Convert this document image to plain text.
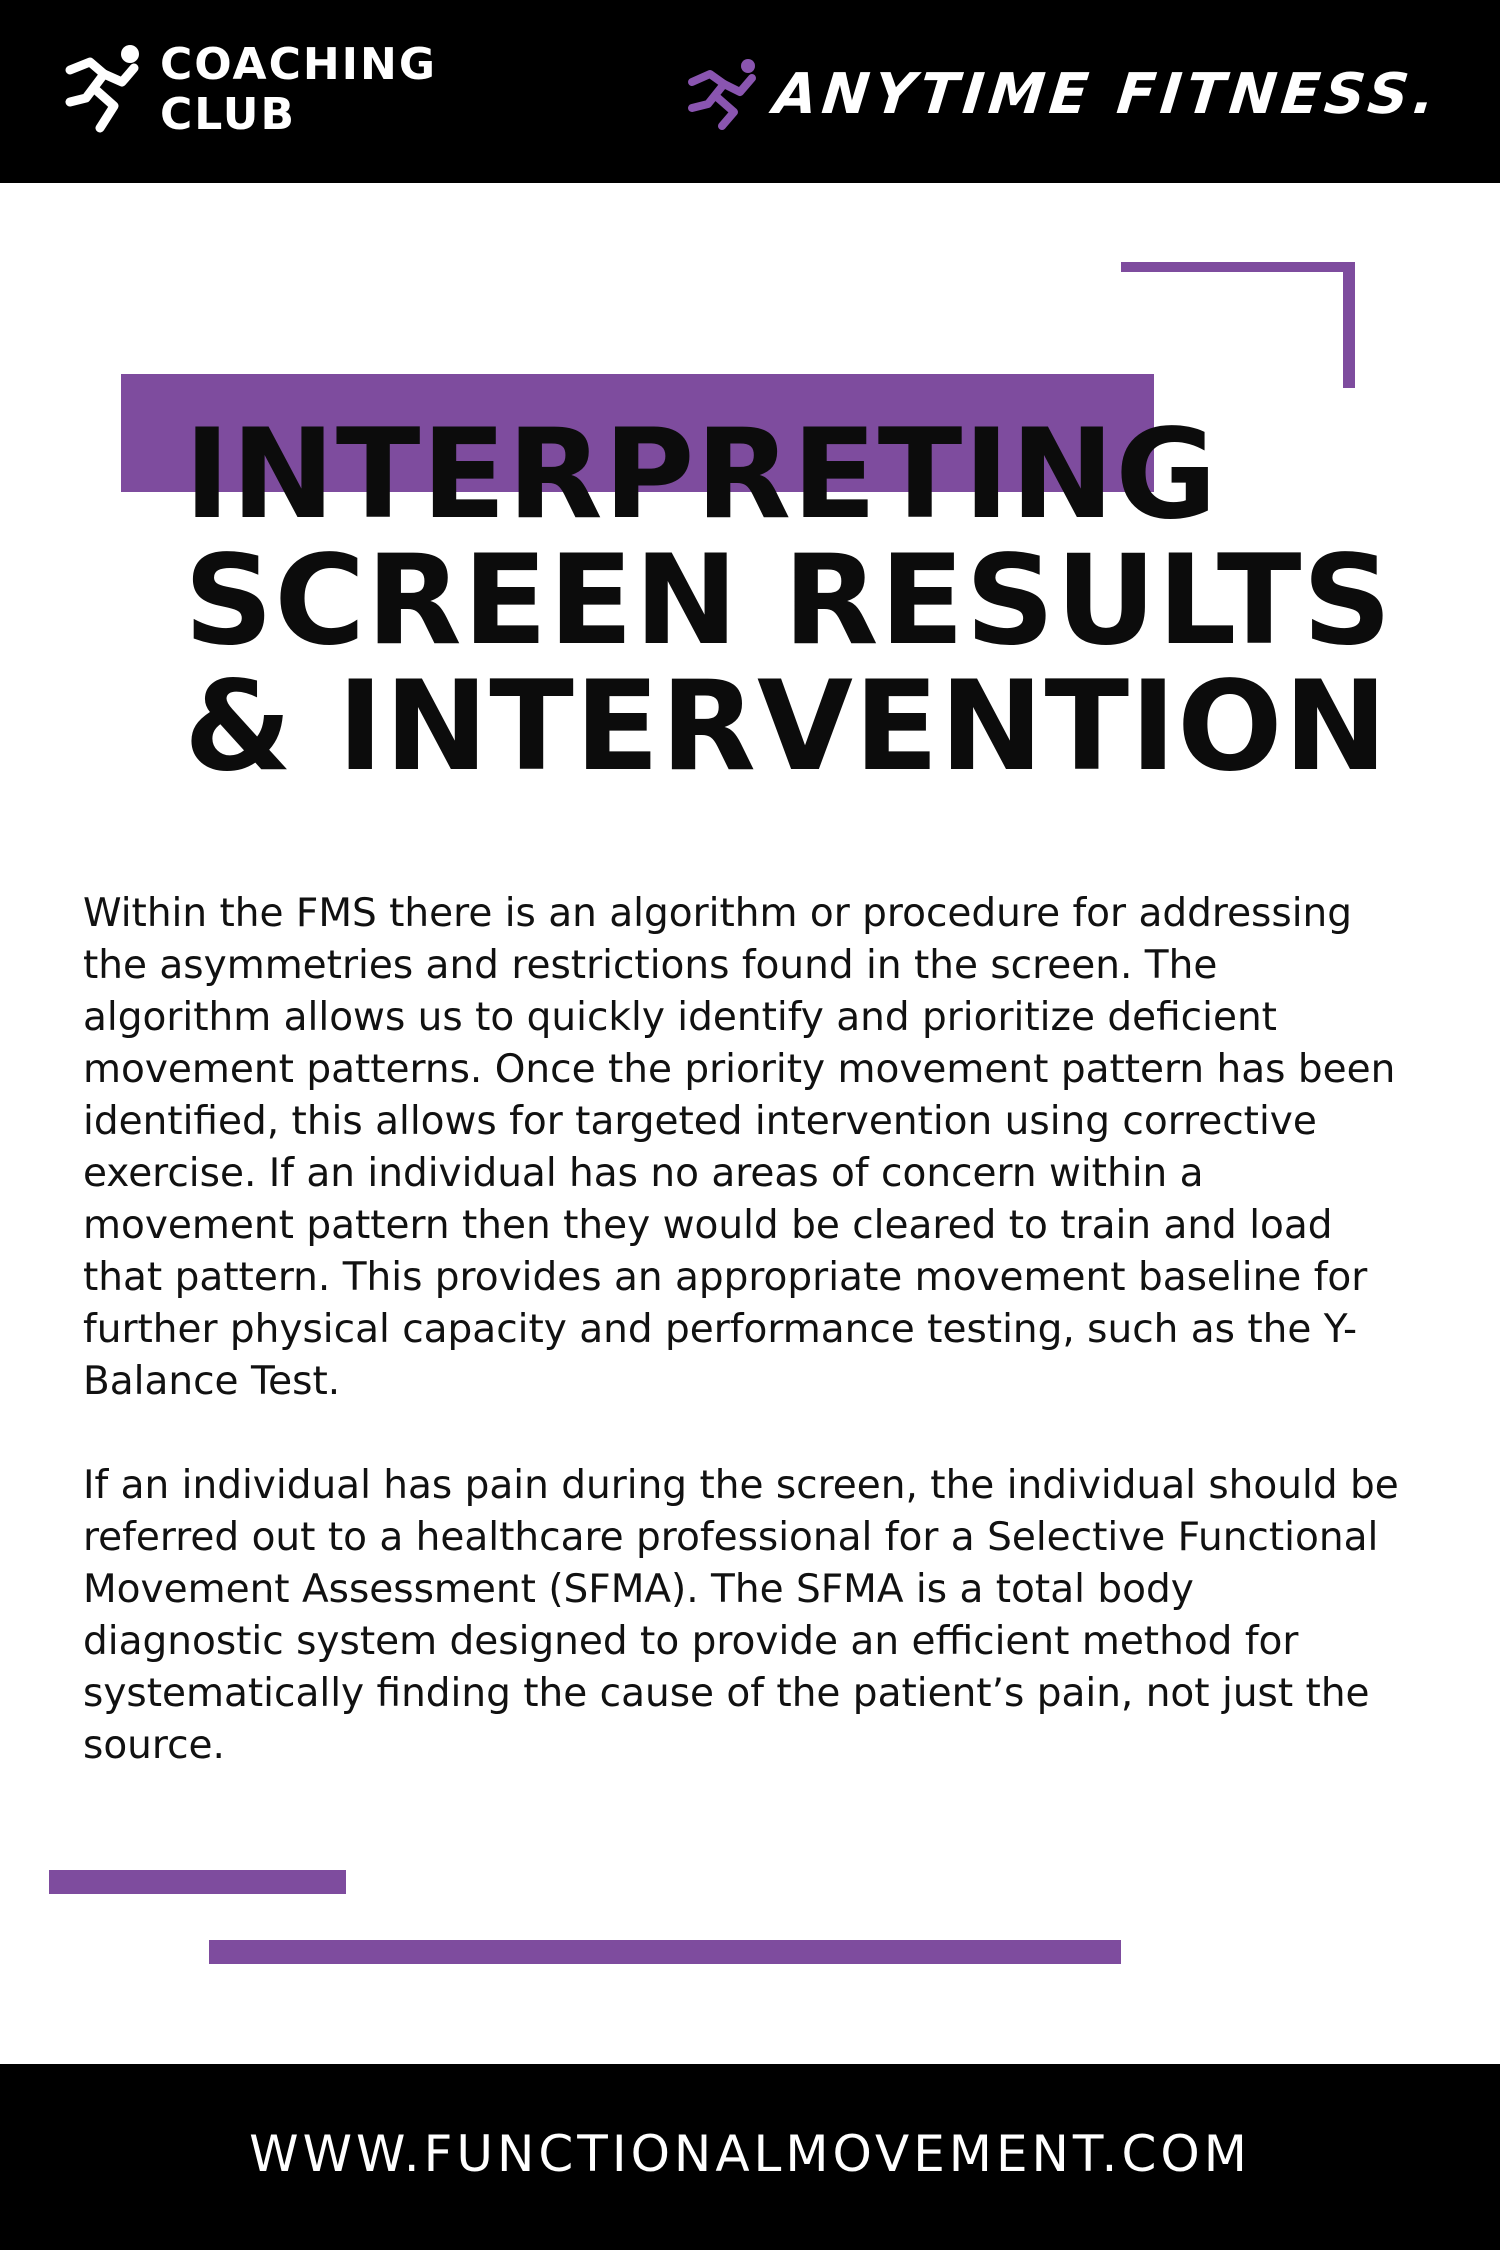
COACHING
CLUB	ANYTIME FITNESS.
INTERPRETING
SCREEN RESULTS
& INTERVENTION

Within the FMS there is an algorithm or procedure for addressing the asymmetries and restrictions found in the screen. The algorithm allows us to quickly identify and prioritize deficient movement patterns. Once the priority movement pattern has been identified, this allows for targeted intervention using corrective exercise. If an individual has no areas of concern within a movement pattern then they would be cleared to train and load that pattern. This provides an appropriate movement baseline for further physical capacity and performance testing, such as the Y-Balance Test.

If an individual has pain during the screen, the individual should be referred out to a healthcare professional for a Selective Functional Movement Assessment (SFMA). The SFMA is a total body diagnostic system designed to provide an efficient method for systematically finding the cause of the patient’s pain, not just the source.

WWW.FUNCTIONALMOVEMENT.COM
